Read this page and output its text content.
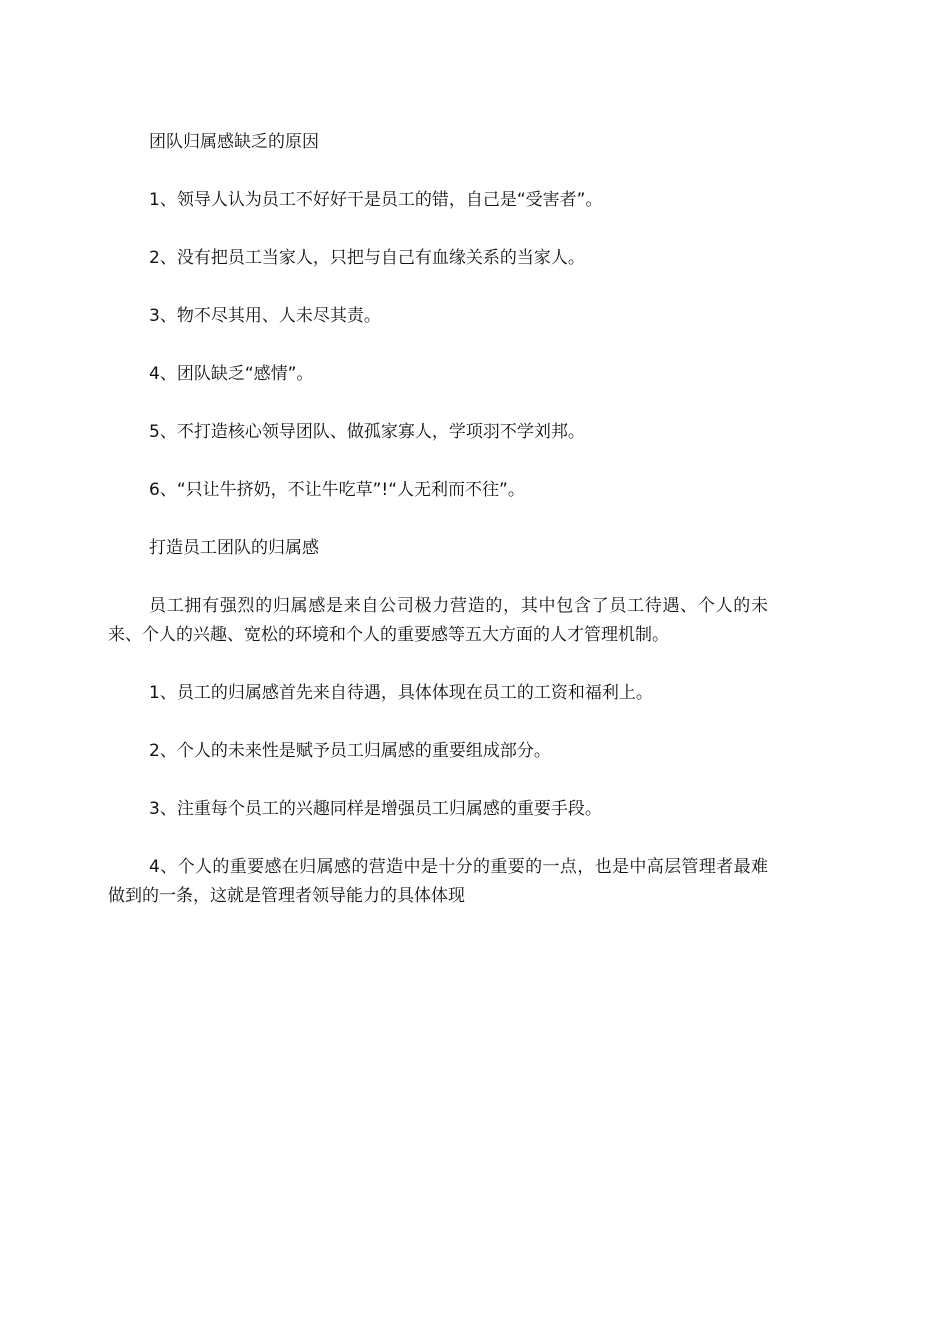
团队归属感缺乏的原因

1、领导人认为员工不好好干是员工的错，自己是“受害者”。

2、没有把员工当家人，只把与自己有血缘关系的当家人。

3、物不尽其用、人未尽其责。

4、团队缺乏“感情”。

5、不打造核心领导团队、做孤家寡人，学项羽不学刘邦。

6、“只让牛挤奶，不让牛吃草”!“人无利而不往”。

打造员工团队的归属感

员工拥有强烈的归属感是来自公司极力营造的，其中包含了员工待遇、个人的未来、个人的兴趣、宽松的环境和个人的重要感等五大方面的人才管理机制。

1、员工的归属感首先来自待遇，具体体现在员工的工资和福利上。

2、个人的未来性是赋予员工归属感的重要组成部分。

3、注重每个员工的兴趣同样是增强员工归属感的重要手段。

4、个人的重要感在归属感的营造中是十分的重要的一点，也是中高层管理者最难做到的一条，这就是管理者领导能力的具体体现
